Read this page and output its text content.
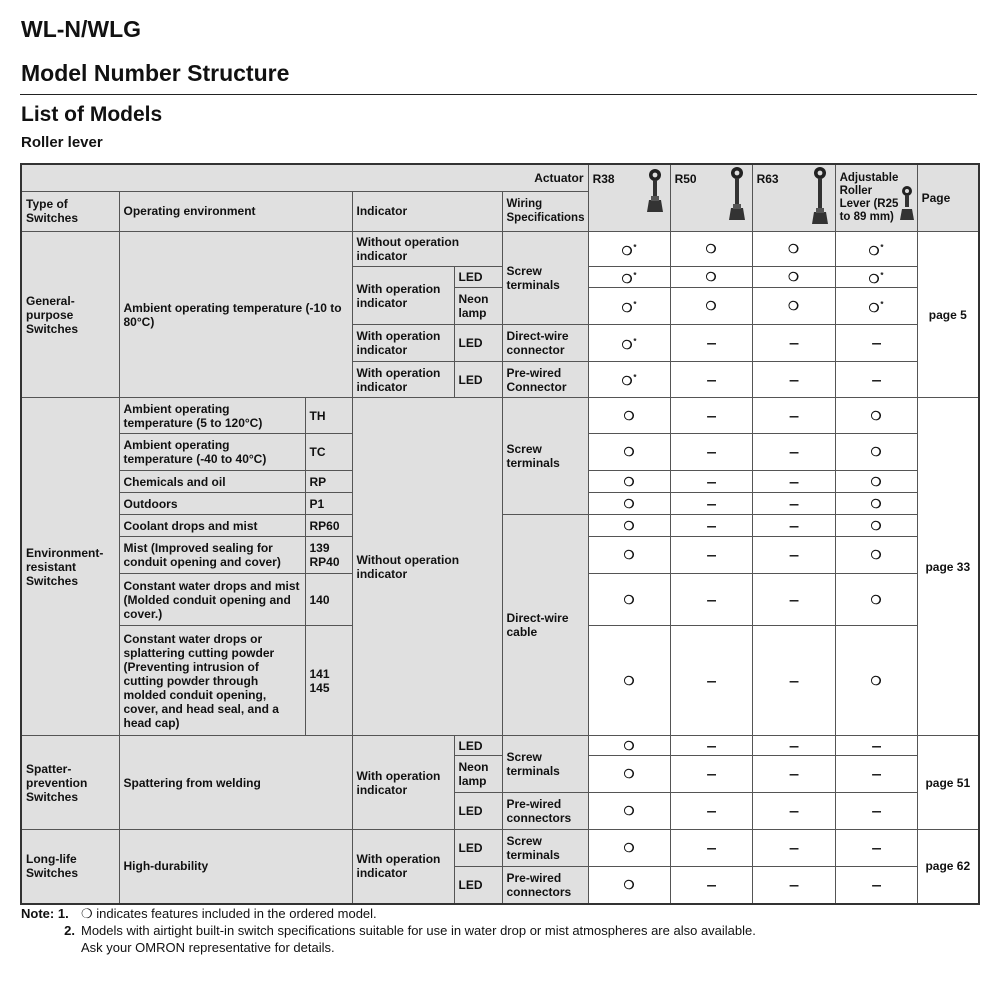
WL-N/WLG
Model Number Structure
List of Models
Roller lever
Actuator						R38	R50	R63	Adjustable Roller Lever (R25 to 89 mm)	Page
Type of Switches	Operating environment		Indicator		Wiring Specifications					
General-purpose Switches	Ambient operating temperature (-10 to 80°C)		Without operation indicator		Screw terminals	❍*	❍	❍	❍*	page 5
			With operation indicator	LED		❍*	❍	❍	❍*
				Neon lamp		❍*	❍	❍	❍*
			With operation indicator	LED	Direct-wire connector	❍*	---	---	---	
			With operation indicator	LED	Pre-wired Connector	❍*	---	---	---	
Environment-resistant Switches	Ambient operating temperature (5 to 120°C)	TH	Without operation indicator		Screw terminals	❍	---	---	❍	page 33
	Ambient operating temperature (-40 to 40°C)	TC				❍	---	---	❍	
	Chemicals and oil	RP				❍	---	---	❍	
	Outdoors	P1				❍	---	---	❍	
	Coolant drops and mist	RP60			Direct-wire cable	❍	---	---	❍	
	Mist (Improved sealing for conduit opening and cover)	139 RP40				❍	---	---	❍	
	Constant water drops and mist (Molded conduit opening and cover.)	140				❍	---	---	❍	
	Constant water drops or splattering cutting powder (Preventing intrusion of cutting powder through molded conduit opening, cover, and head seal, and a head cap)	141 145				❍	---	---	❍	
Spatter-prevention Switches	Spattering from welding		With operation indicator	LED	Screw terminals	❍	---	---	---	page 51
				Neon lamp		❍	---	---	---	
				LED	Pre-wired connectors	❍	---	---	---	
Long-life Switches	High-durability		With operation indicator	LED	Screw terminals	❍	---	---	---	page 62
				LED	Pre-wired connectors	❍	---	---	---	
Note: 1. ❍ indicates features included in the ordered model.
2. Models with airtight built-in switch specifications suitable for use in water drop or mist atmospheres are also available.
Ask your OMRON representative for details.
